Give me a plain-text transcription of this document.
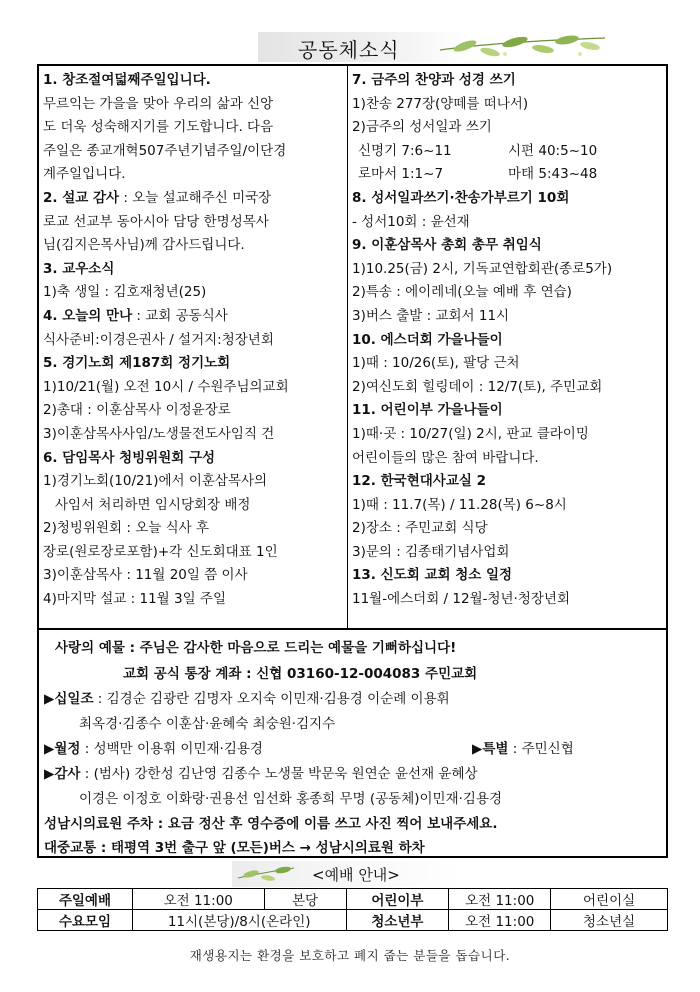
공동체소식
1. 창조절여덟째주일입니다.
무르익는 가을을 맞아 우리의 삶과 신앙
도 더욱 성숙해지기를 기도합니다. 다음
주일은 종교개혁507주년기념주일/이단경
계주일입니다.
2. 설교 감사 : 오늘 설교해주신 미국장
로교 선교부 동아시아 담당 한명성목사
님(김지은목사님)께 감사드립니다.
3. 교우소식
1)축 생일 : 김호재청년(25)
4. 오늘의 만나 : 교회 공동식사
식사준비:이경은권사 / 설거지:청장년회
5. 경기노회 제187회 정기노회
1)10/21(월) 오전 10시 / 수원주님의교회
2)총대 : 이훈삼목사 이정윤장로
3)이훈삼목사사임/노생물전도사임직 건
6. 담임목사 청빙위원회 구성
1)경기노회(10/21)에서 이훈삼목사의
사임서 처리하면 임시당회장 배정
2)청빙위원회 : 오늘 식사 후
장로(원로장로포함)+각 신도회대표 1인
3)이훈삼목사 : 11월 20일 쯤 이사
4)마지막 설교 : 11월 3일 주일
7. 금주의 찬양과 성경 쓰기
1)찬송 277장(양떼를 떠나서)
2)금주의 성서일과 쓰기
신명기 7:6~11	시편 40:5~10
로마서 1:1~7	마태 5:43~48
8. 성서일과쓰기·찬송가부르기 10회
- 성서10회 : 윤선재
9. 이훈삼목사 총회 총무 취임식
1)10.25(금) 2시, 기독교연합회관(종로5가)
2)특송 : 에이레네(오늘 예배 후 연습)
3)버스 출발 : 교회서 11시
10. 에스더회 가을나들이
1)때 : 10/26(토), 팔당 근처
2)여신도회 힐링데이 : 12/7(토), 주민교회
11. 어린이부 가을나들이
1)때·곳 : 10/27(일) 2시, 판교 클라이밍
어린이들의 많은 참여 바랍니다.
12. 한국현대사교실 2
1)때 : 11.7(목) / 11.28(목) 6~8시
2)장소 : 주민교회 식당
3)문의 : 김종태기념사업회
13. 신도회 교회 청소 일정
11월-에스더회 / 12월-청년·청장년회
사랑의 예물 : 주님은 감사한 마음으로 드리는 예물을 기뻐하십니다!
교회 공식 통장 계좌 : 신협 03160-12-004083 주민교회
▶십일조 : 김경순 김광란 김명자 오지숙 이민재·김용경 이순례 이용휘
최옥경·김종수 이훈삼·윤혜숙 최숭원·김지수
▶월정 : 성백만 이용휘 이민재·김용경	▶특별 : 주민신협
▶감사 : (범사) 강한성 김난영 김종수 노생물 박문욱 원연순 윤선재 윤혜상
이경은 이정호 이화랑·권용선 임선화 홍종희 무명 (공동체)이민재·김용경
성남시의료원 주차 : 요금 정산 후 영수증에 이름 쓰고 사진 찍어 보내주세요.
대중교통 : 태평역 3번 출구 앞 (모든)버스 → 성남시의료원 하차
<예배 안내>
주일예배	오전 11:00	본당	어린이부	오전 11:00	어린이실
수요모임	11시(본당)/8시(온라인)		청소년부	오전 11:00	청소년실
재생용지는 환경을 보호하고 폐지 줍는 분들을 돕습니다.
